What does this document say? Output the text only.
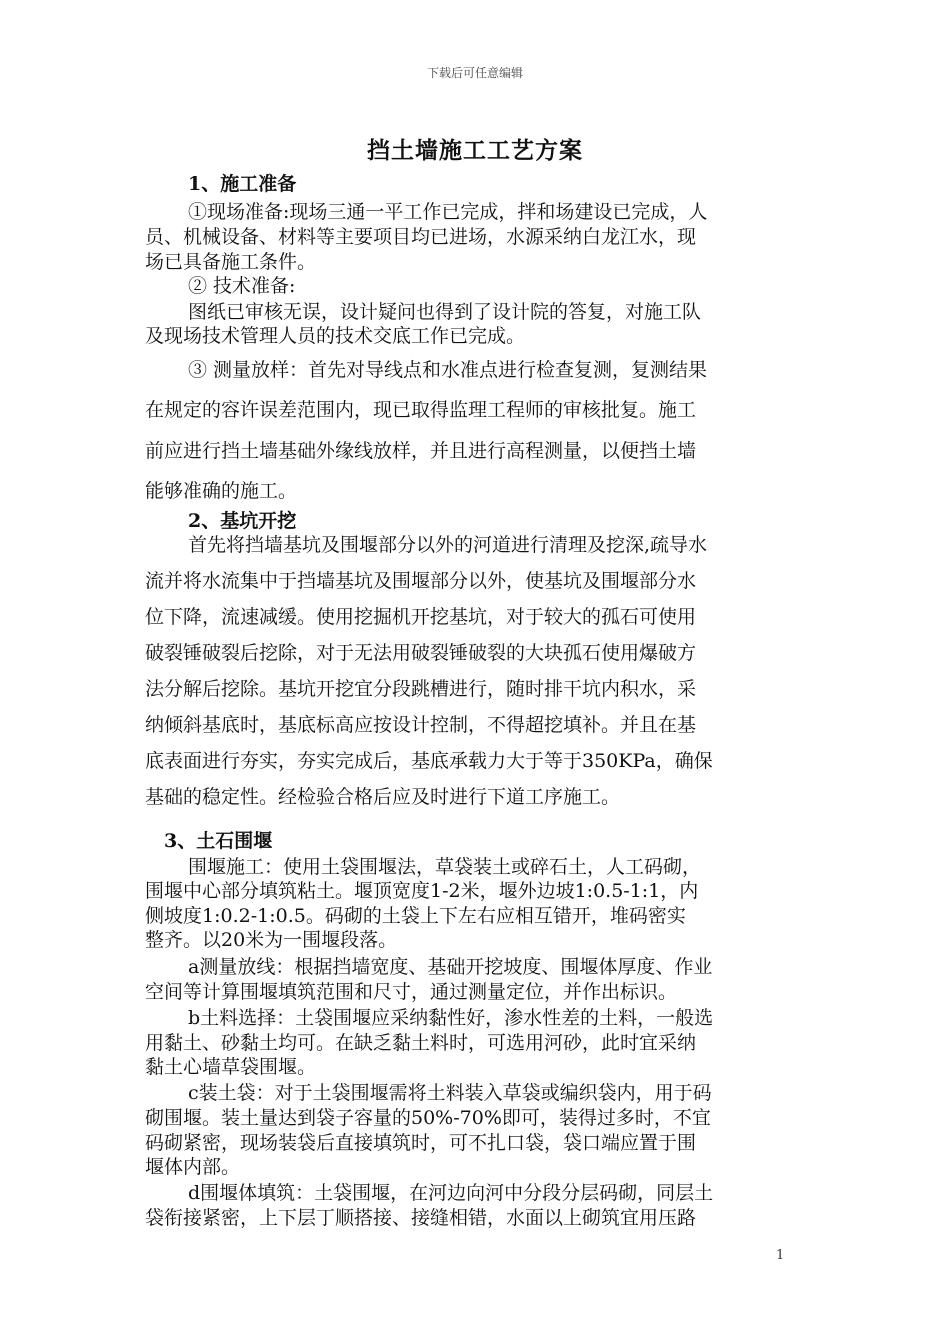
下载后可任意编辑
挡土墙施工工艺方案
1、施工准备
①现场准备:现场三通一平工作已完成，拌和场建设已完成，人
员、机械设备、材料等主要项目均已进场，水源采纳白龙江水，现
场已具备施工条件。
② 技术准备:
图纸已审核无误，设计疑问也得到了设计院的答复，对施工队
及现场技术管理人员的技术交底工作已完成。
③ 测量放样：首先对导线点和水准点进行检查复测，复测结果
在规定的容许误差范围内，现已取得监理工程师的审核批复。施工
前应进行挡土墙基础外缘线放样，并且进行高程测量，以便挡土墙
能够准确的施工。
2、基坑开挖
首先将挡墙基坑及围堰部分以外的河道进行清理及挖深,疏导水
流并将水流集中于挡墙基坑及围堰部分以外，使基坑及围堰部分水
位下降，流速减缓。使用挖掘机开挖基坑，对于较大的孤石可使用
破裂锤破裂后挖除，对于无法用破裂锤破裂的大块孤石使用爆破方
法分解后挖除。基坑开挖宜分段跳槽进行，随时排干坑内积水，采
纳倾斜基底时，基底标高应按设计控制，不得超挖填补。并且在基
底表面进行夯实，夯实完成后，基底承载力大于等于350KPa，确保
基础的稳定性。经检验合格后应及时进行下道工序施工。
3、土石围堰
围堰施工：使用土袋围堰法，草袋装土或碎石土，人工码砌，
围堰中心部分填筑粘土。堰顶宽度1-2米，堰外边坡1:0.5-1:1，内
侧坡度1:0.2-1:0.5。码砌的土袋上下左右应相互错开，堆码密实
整齐。以20米为一围堰段落。
a测量放线：根据挡墙宽度、基础开挖坡度、围堰体厚度、作业
空间等计算围堰填筑范围和尺寸，通过测量定位，并作出标识。
b土料选择：土袋围堰应采纳黏性好，渗水性差的土料，一般选
用黏土、砂黏土均可。在缺乏黏土料时，可选用河砂，此时宜采纳
黏土心墙草袋围堰。
c装土袋：对于土袋围堰需将土料装入草袋或编织袋内，用于码
砌围堰。装土量达到袋子容量的50%-70%即可，装得过多时，不宜
码砌紧密，现场装袋后直接填筑时，可不扎口袋，袋口端应置于围
堰体内部。
d围堰体填筑：土袋围堰，在河边向河中分段分层码砌，同层土
袋衔接紧密，上下层丁顺搭接、接缝相错，水面以上砌筑宜用压路
1
